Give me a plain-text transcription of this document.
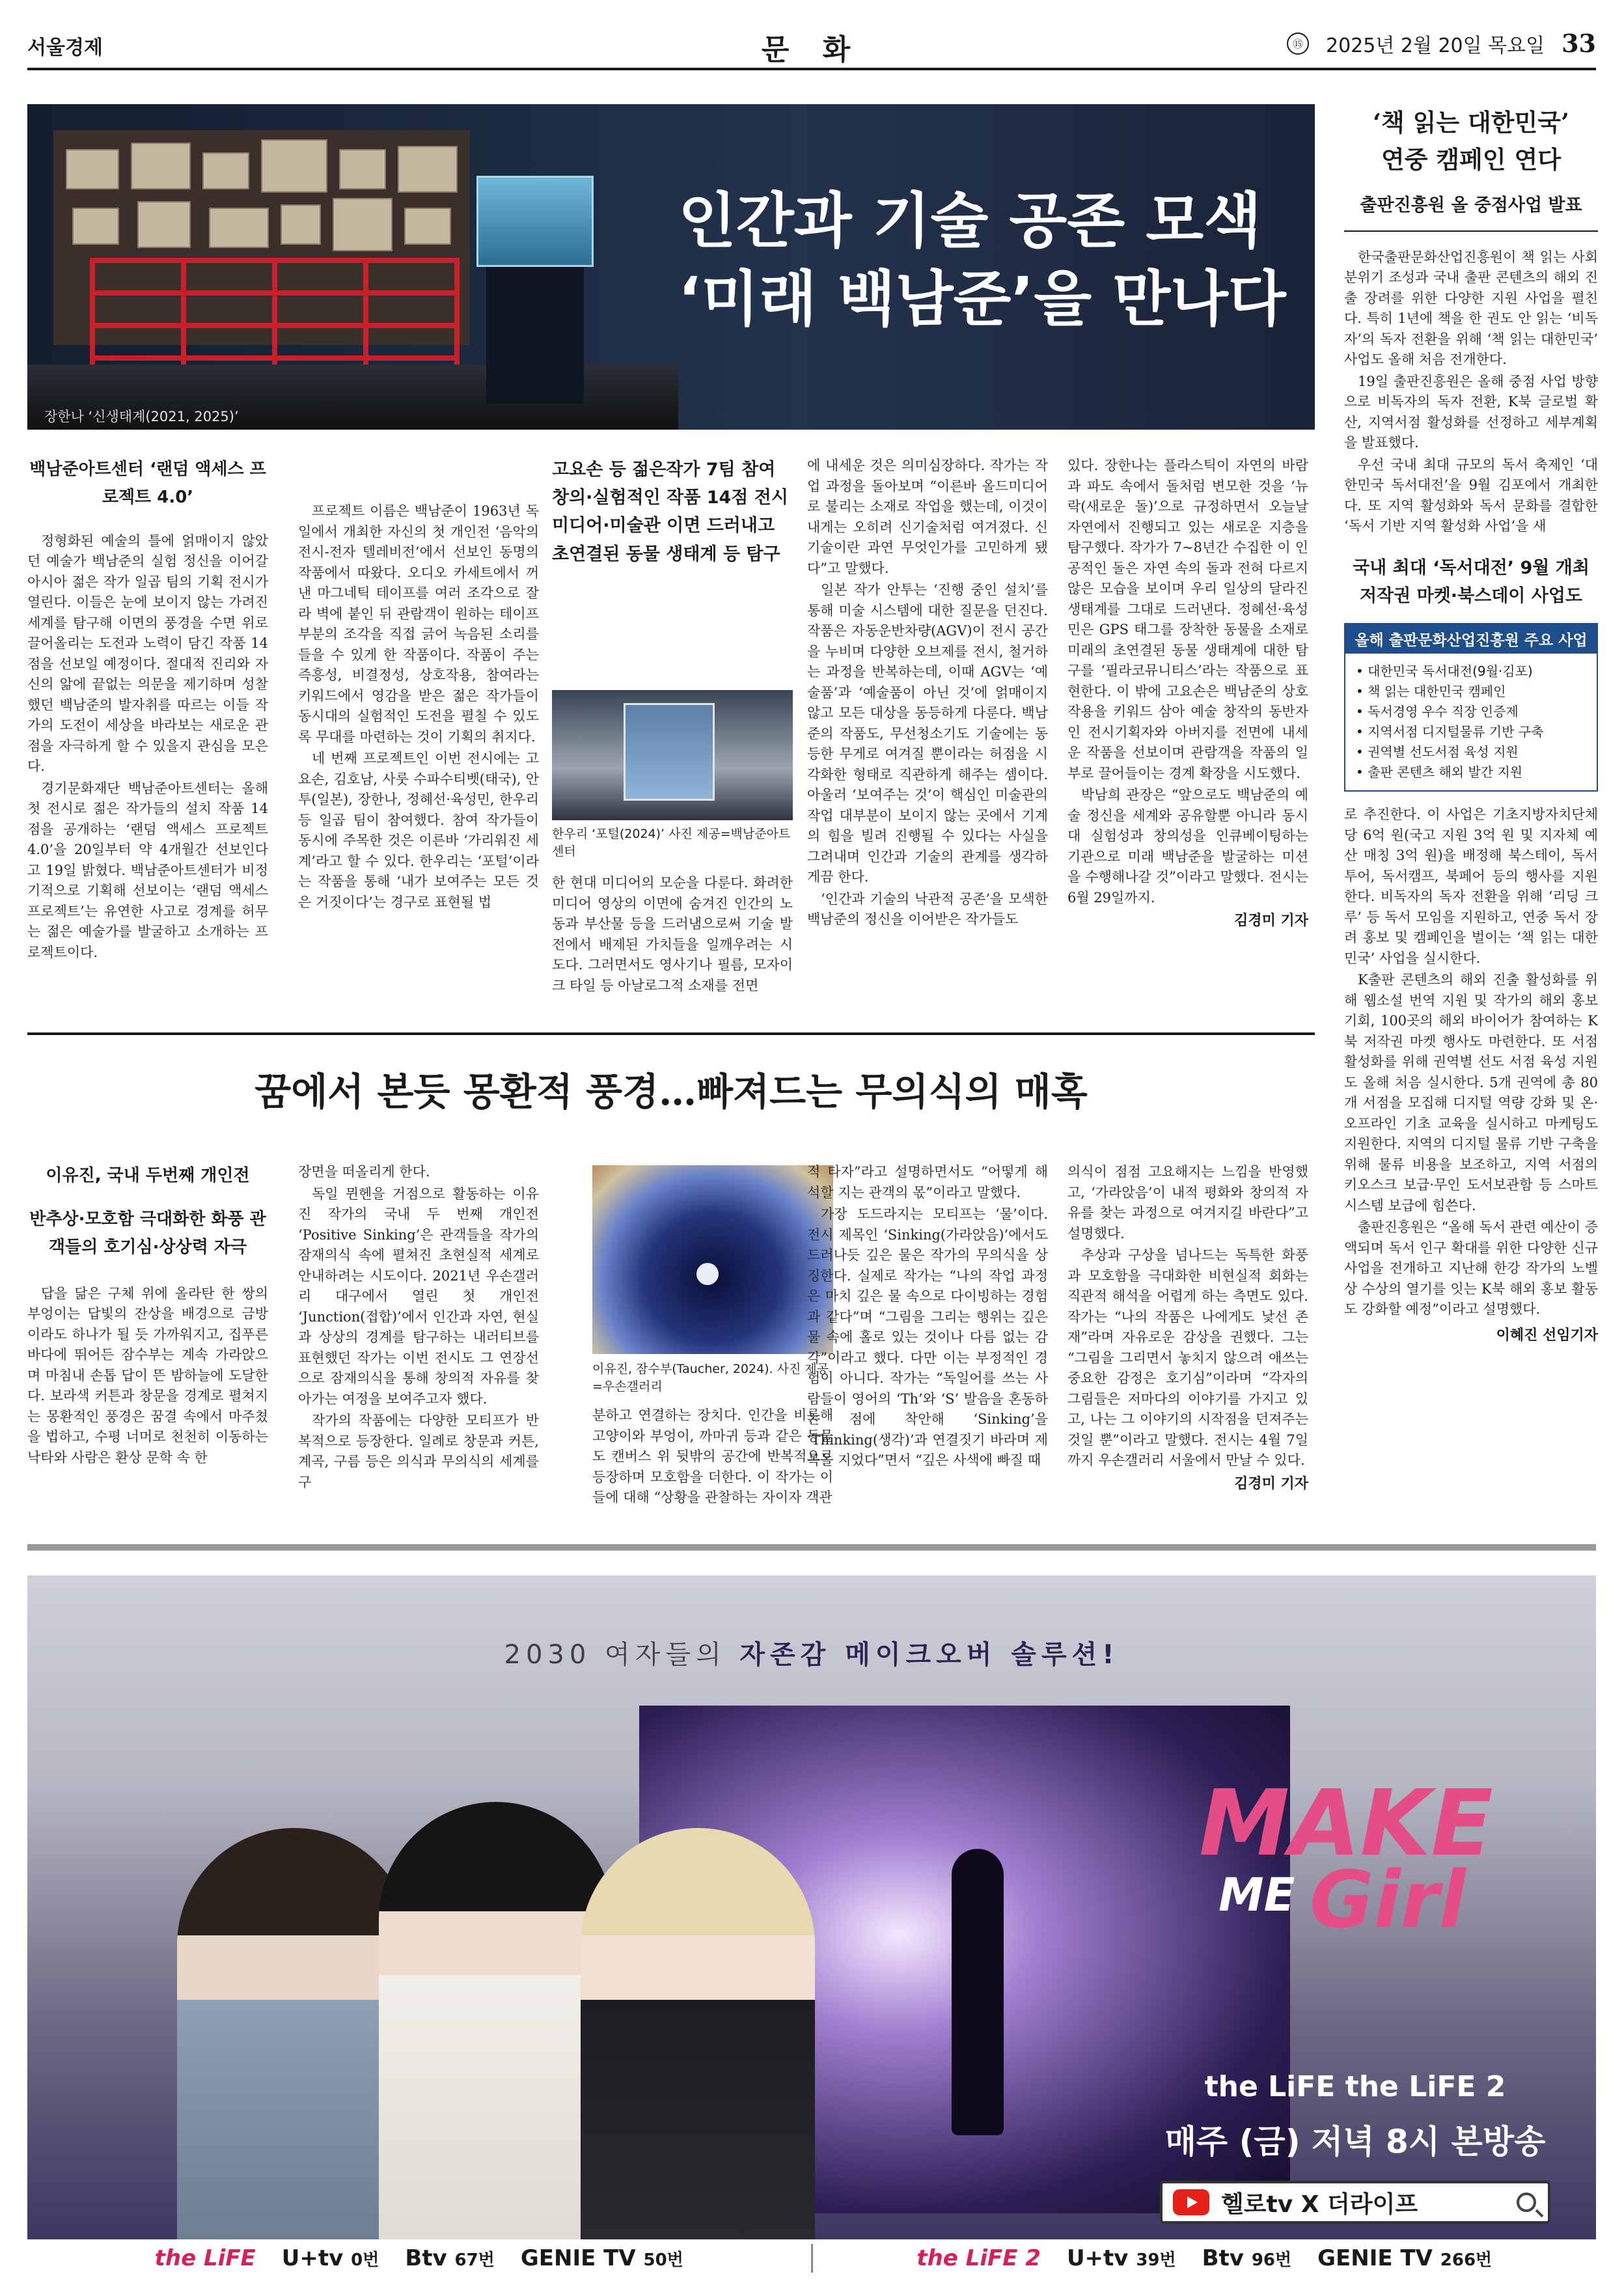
서울경제	문 화	⑮	2025년 2월 20일 목요일 33
인간과 기술 공존 모색
‘미래 백남준’을 만나다
장한나 ‘신생태계(2021, 2025)’
백남준아트센터 ‘랜덤 액세스 프로젝트 4.0’

정형화된 예술의 틀에 얽매이지 않았던 예술가 백남준의 실험 정신을 이어갈 아시아 젊은 작가 일곱 팀의 기획 전시가 열린다. 이들은 눈에 보이지 않는 가려진 세계를 탐구해 이면의 풍경을 수면 위로 끌어올리는 도전과 노력이 담긴 작품 14점을 선보일 예정이다. 절대적 진리와 자신의 앎에 끝없는 의문을 제기하며 성찰했던 백남준의 발자취를 따르는 이들 작가의 도전이 세상을 바라보는 새로운 관점을 자극하게 할 수 있을지 관심을 모은다.

경기문화재단 백남준아트센터는 올해 첫 전시로 젊은 작가들의 설치 작품 14점을 공개하는 ‘랜덤 액세스 프로젝트 4.0’을 20일부터 약 4개월간 선보인다고 19일 밝혔다. 백남준아트센터가 비정기적으로 기획해 선보이는 ‘랜덤 액세스 프로젝트’는 유연한 사고로 경계를 허무는 젊은 예술가를 발굴하고 소개하는 프로젝트이다.

프로젝트 이름은 백남준이 1963년 독일에서 개최한 자신의 첫 개인전 ‘음악의 전시-전자 텔레비전’에서 선보인 동명의 작품에서 따왔다. 오디오 카세트에서 꺼낸 마그네틱 테이프를 여러 조각으로 잘라 벽에 붙인 뒤 관람객이 원하는 테이프 부분의 조각을 직접 긁어 녹음된 소리를 들을 수 있게 한 작품이다. 작품이 주는 즉흥성, 비결정성, 상호작용, 참여라는 키워드에서 영감을 받은 젊은 작가들이 동시대의 실험적인 도전을 펼칠 수 있도록 무대를 마련하는 것이 기획의 취지다.

네 번째 프로젝트인 이번 전시에는 고요손, 김호남, 사룻 수파수티벳(태국), 안투(일본), 장한나, 정혜선·육성민, 한우리 등 일곱 팀이 참여했다. 참여 작가들이 동시에 주목한 것은 이른바 ‘가리워진 세계’라고 할 수 있다. 한우리는 ‘포털’이라는 작품을 통해 ‘내가 보여주는 모든 것은 거짓이다’는 경구로 표현될 법

고요손 등 젊은작가 7팀 참여 창의·실험적인 작품 14점 전시 미디어·미술관 이면 드러내고 초연결된 동물 생태계 등 탐구
한우리 ‘포털(2024)’ 사진 제공=백남준아트센터

한 현대 미디어의 모순을 다룬다. 화려한 미디어 영상의 이면에 숨겨진 인간의 노동과 부산물 등을 드러냄으로써 기술 발전에서 배제된 가치들을 일깨우려는 시도다. 그러면서도 영사기나 필름, 모자이크 타일 등 아날로그적 소재를 전면

에 내세운 것은 의미심장하다. 작가는 작업 과정을 돌아보며 “이른바 올드미디어로 불리는 소재로 작업을 했는데, 이것이 내게는 오히려 신기술처럼 여겨졌다. 신기술이란 과연 무엇인가를 고민하게 됐다”고 말했다.

일본 작가 안투는 ‘진행 중인 설치’를 통해 미술 시스템에 대한 질문을 던진다. 작품은 자동운반차량(AGV)이 전시 공간을 누비며 다양한 오브제를 전시, 철거하는 과정을 반복하는데, 이때 AGV는 ‘예술품’과 ‘예술품이 아닌 것’에 얽매이지 않고 모든 대상을 동등하게 다룬다. 백남준의 작품도, 무선청소기도 기술에는 동등한 무게로 여겨질 뿐이라는 허점을 시각화한 형태로 직관하게 해주는 셈이다. 아울러 ‘보여주는 것’이 핵심인 미술관의 작업 대부분이 보이지 않는 곳에서 기계의 힘을 빌려 진행될 수 있다는 사실을 그려내며 인간과 기술의 관계를 생각하게끔 한다.

‘인간과 기술의 낙관적 공존’을 모색한 백남준의 정신을 이어받은 작가들도

있다. 장한나는 플라스틱이 자연의 바람과 파도 속에서 돌처럼 변모한 것을 ‘뉴락(새로운 돌)’으로 규정하면서 오늘날 자연에서 진행되고 있는 새로운 지층을 탐구했다. 작가가 7~8년간 수집한 이 인공적인 돌은 자연 속의 돌과 전혀 다르지 않은 모습을 보이며 우리 일상의 달라진 생태계를 그대로 드러낸다. 정혜선·육성민은 GPS 태그를 장착한 동물을 소재로 미래의 초연결된 동물 생태계에 대한 탐구를 ‘필라코뮤니티스’라는 작품으로 표현한다. 이 밖에 고요손은 백남준의 상호작용을 키워드 삼아 예술 창작의 동반자인 전시기획자와 아버지를 전면에 내세운 작품을 선보이며 관람객을 작품의 일부로 끌어들이는 경계 확장을 시도했다.

박남희 관장은 “앞으로도 백남준의 예술 정신을 세계와 공유할뿐 아니라 동시대 실험성과 창의성을 인큐베이팅하는 기관으로 미래 백남준을 발굴하는 미션을 수행해나갈 것”이라고 말했다. 전시는 6월 29일까지.

김경미 기자
꿈에서 본듯 몽환적 풍경…빠져드는 무의식의 매혹
이유진, 국내 두번째 개인전
반추상·모호함 극대화한 화풍 관객들의 호기심·상상력 자극

답을 닮은 구체 위에 올라탄 한 쌍의 부엉이는 답빛의 잔상을 배경으로 금방이라도 하나가 될 듯 가까워지고, 집푸른 바다에 뛰어든 잠수부는 계속 가라앉으며 마침내 손톱 답이 뜬 밤하늘에 도달한다. 보라색 커튼과 창문을 경계로 펼쳐지는 몽환적인 풍경은 꿈결 속에서 마주쳤을 법하고, 수평 너머로 천천히 이동하는 낙타와 사람은 환상 문학 속 한

장면을 떠올리게 한다.

독일 뮌헨을 거점으로 활동하는 이유진 작가의 국내 두 번째 개인전 ‘Positive Sinking’은 관객들을 작가의 잠재의식 속에 펼쳐진 초현실적 세계로 안내하려는 시도이다. 2021년 우손갤러리 대구에서 열린 첫 개인전 ‘Junction(접합)’에서 인간과 자연, 현실과 상상의 경계를 탐구하는 내러티브를 표현했던 작가는 이번 전시도 그 연장선으로 잠재의식을 통해 창의적 자유를 찾아가는 여정을 보여주고자 했다.

작가의 작품에는 다양한 모티프가 반복적으로 등장한다. 일례로 창문과 커튼, 계곡, 구름 등은 의식과 무의식의 세계를 구

이유진, 잠수부(Taucher, 2024). 사진 제공=우손갤러리

분하고 연결하는 장치다. 인간을 비롯해 고양이와 부엉이, 까마귀 등과 같은 동물도 캔버스 위 뒷밖의 공간에 반복적으로 등장하며 모호함을 더한다. 이 작가는 이들에 대해 “상황을 관찰하는 자이자 객관

적 타자”라고 설명하면서도 “어떻게 해석할 지는 관객의 몫”이라고 말했다.

가장 도드라지는 모티프는 ‘물’이다. 전시 제목인 ‘Sinking(가라앉음)’에서도 드러나듯 깊은 물은 작가의 무의식을 상징한다. 실제로 작가는 “나의 작업 과정은 마치 깊은 물 속으로 다이빙하는 경험과 같다”며 “그림을 그리는 행위는 깊은 물 속에 홀로 있는 것이나 다름 없는 감각”이라고 했다. 다만 이는 부정적인 경험이 아니다. 작가는 “독일어를 쓰는 사람들이 영어의 ‘Th’와 ‘S’ 발음을 혼동하는 점에 착안해 ‘Sinking’을 ‘Thinking(생각)’과 연결짓기 바라며 제목을 지었다”면서 “깊은 사색에 빠질 때

의식이 점점 고요해지는 느낌을 반영했고, ‘가라앉음’이 내적 평화와 창의적 자유를 찾는 과정으로 여겨지길 바란다”고 설명했다.

추상과 구상을 넘나드는 독특한 화풍과 모호함을 극대화한 비현실적 회화는 직관적 해석을 어렵게 하는 측면도 있다. 작가는 “나의 작품은 나에게도 낯선 존재”라며 자유로운 감상을 권했다. 그는 “그림을 그리면서 놓치지 않으려 애쓰는 중요한 감정은 호기심”이라며 “각자의 그림들은 저마다의 이야기를 가지고 있고, 나는 그 이야기의 시작점을 던져주는 것일 뿐”이라고 말했다. 전시는 4월 7일까지 우손갤러리 서울에서 만날 수 있다.

김경미 기자
‘책 읽는 대한민국’
연중 캠페인 연다
출판진흥원 올 중점사업 발표

한국출판문화산업진흥원이 책 읽는 사회 분위기 조성과 국내 출판 콘텐츠의 해외 진출 장려를 위한 다양한 지원 사업을 펼친다. 특히 1년에 책을 한 권도 안 읽는 ‘비독자’의 독자 전환을 위해 ‘책 읽는 대한민국’ 사업도 올해 처음 전개한다.

19일 출판진흥원은 올해 중점 사업 방향으로 비독자의 독자 전환, K북 글로벌 확산, 지역서점 활성화를 선정하고 세부계획을 발표했다.

우선 국내 최대 규모의 독서 축제인 ‘대한민국 독서대전’을 9월 김포에서 개최한다. 또 지역 활성화와 독서 문화를 결합한 ‘독서 기반 지역 활성화 사업’을 새

국내 최대 ‘독서대전’ 9월 개최
저작권 마켓·북스데이 사업도
올해 출판문화산업진흥원 주요 사업
• 대한민국 독서대전(9월·김포)
• 책 읽는 대한민국 캠페인
• 독서경영 우수 직장 인증제
• 지역서점 디지털물류 기반 구축
• 권역별 선도서점 육성 지원
• 출판 콘텐츠 해외 발간 지원

로 추진한다. 이 사업은 기초지방자치단체당 6억 원(국고 지원 3억 원 및 지자체 예산 매칭 3억 원)을 배정해 북스테이, 독서투어, 독서캠프, 북페어 등의 행사를 지원한다. 비독자의 독자 전환을 위해 ‘리딩 크루’ 등 독서 모임을 지원하고, 연중 독서 장려 홍보 및 캠페인을 벌이는 ‘책 읽는 대한민국’ 사업을 실시한다.

K출판 콘텐츠의 해외 진출 활성화를 위해 웹소설 번역 지원 및 작가의 해외 홍보 기회, 100곳의 해외 바이어가 참여하는 K북 저작권 마켓 행사도 마련한다. 또 서점 활성화를 위해 권역별 선도 서점 육성 지원도 올해 처음 실시한다. 5개 권역에 총 80개 서점을 모집해 디지털 역량 강화 및 온·오프라인 기초 교육을 실시하고 마케팅도 지원한다. 지역의 디지털 물류 기반 구축을 위해 물류 비용을 보조하고, 지역 서점의 키오스크 보급·무인 도서보관함 등 스마트 시스템 보급에 힘쓴다.

출판진흥원은 “올해 독서 관련 예산이 증액되며 독서 인구 확대를 위한 다양한 신규 사업을 전개하고 지난해 한강 작가의 노벨상 수상의 열기를 잇는 K북 해외 홍보 활동도 강화할 예정”이라고 설명했다.

이혜진 선임기자
2030 여자들의 자존감 메이크오버 솔루션!
MAKE
ME Girl
the LiFE the LiFE 2
매주 (금) 저녁 8시 본방송
헬로tv X 더라이프
the LiFE U+tv 0번 Btv 67번 GENIE TV 50번	the LiFE 2 U+tv 39번 Btv 96번 GENIE TV 266번
